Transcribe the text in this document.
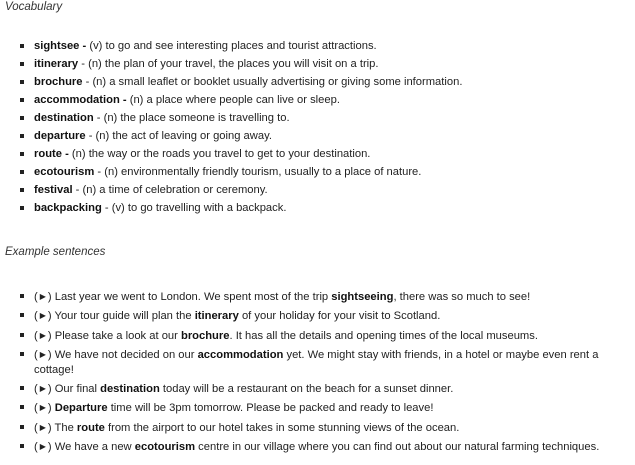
Vocabulary
sightsee - (v) to go and see interesting places and tourist attractions.
itinerary - (n) the plan of your travel, the places you will visit on a trip.
brochure - (n) a small leaflet or booklet usually advertising or giving some information.
accommodation - (n) a place where people can live or sleep.
destination - (n) the place someone is travelling to.
departure - (n) the act of leaving or going away.
route - (n) the way or the roads you travel to get to your destination.
ecotourism - (n) environmentally friendly tourism, usually to a place of nature.
festival - (n) a time of celebration or ceremony.
backpacking - (v) to go travelling with a backpack.
Example sentences
( ▶ ) Last year we went to London. We spent most of the trip sightseeing, there was so much to see!
( ▶ ) Your tour guide will plan the itinerary of your holiday for your visit to Scotland.
( ▶ ) Please take a look at our brochure. It has all the details and opening times of the local museums.
( ▶ ) We have not decided on our accommodation yet. We might stay with friends, in a hotel or maybe even rent a cottage!
( ▶ ) Our final destination today will be a restaurant on the beach for a sunset dinner.
( ▶ ) Departure time will be 3pm tomorrow. Please be packed and ready to leave!
( ▶ ) The route from the airport to our hotel takes in some stunning views of the ocean.
( ▶ ) We have a new ecotourism centre in our village where you can find out about our natural farming techniques.
